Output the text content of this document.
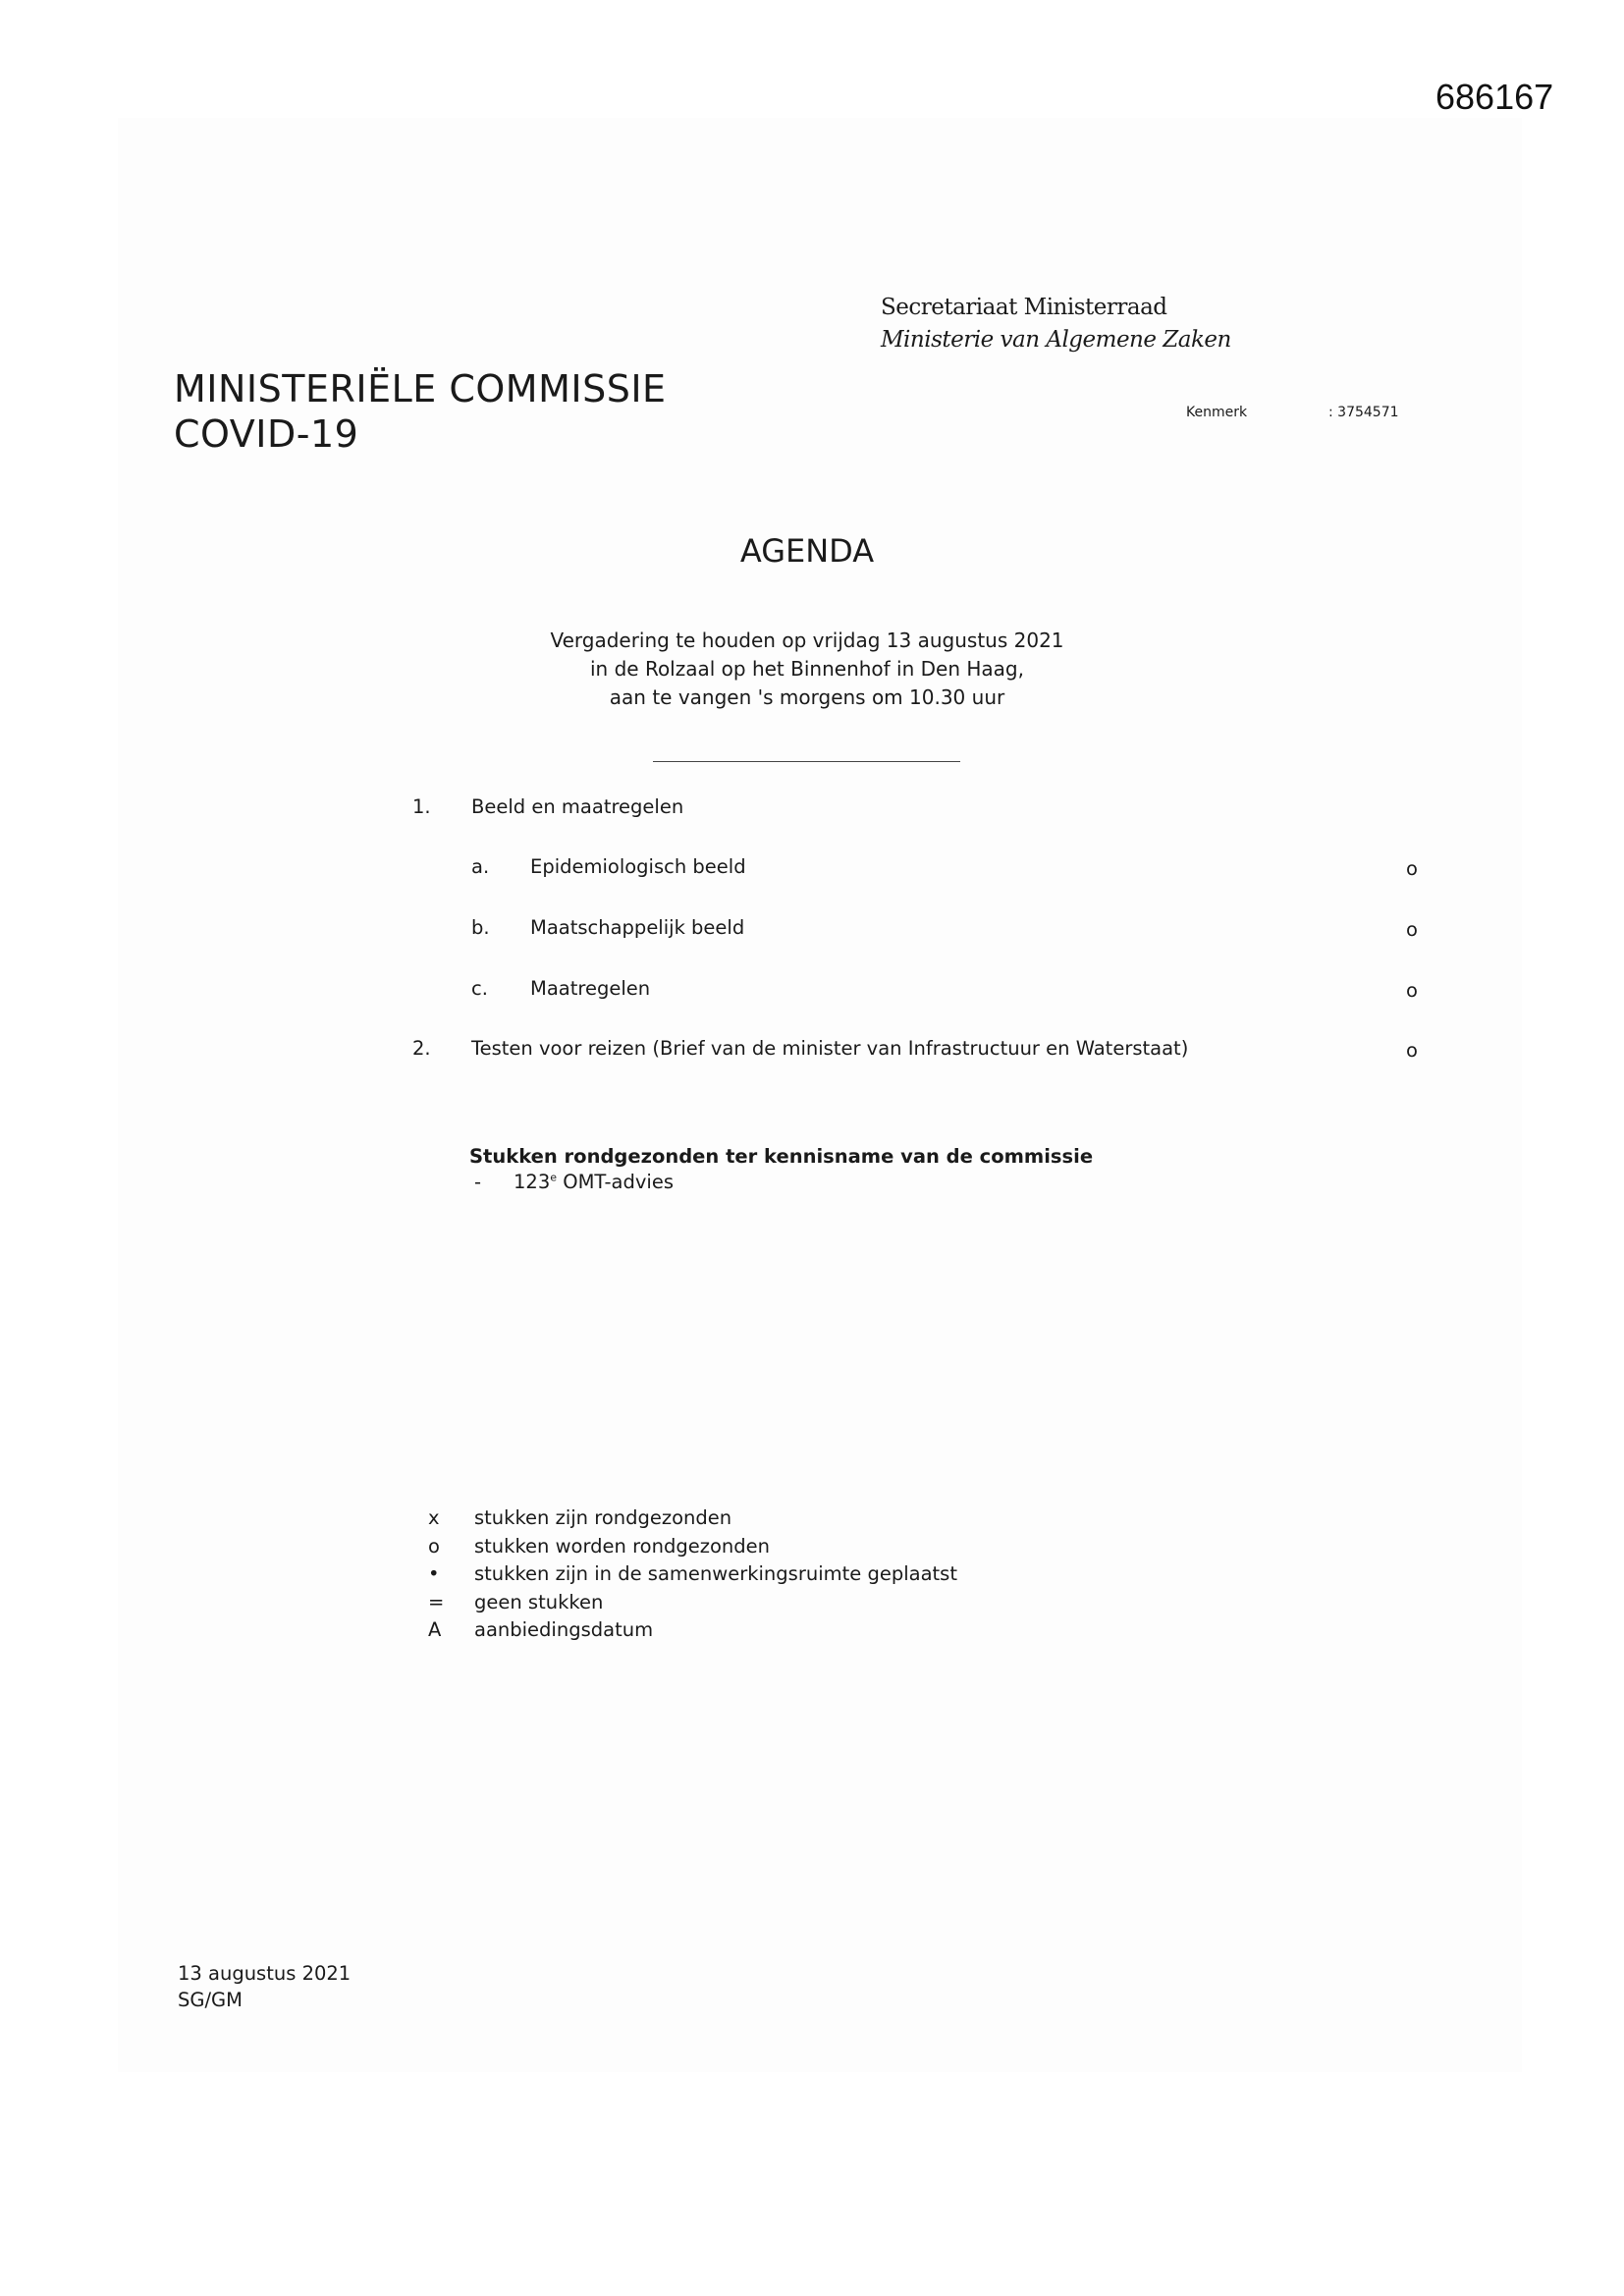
686167
Secretariaat Ministerraad
Ministerie van Algemene Zaken
MINISTERIËLE COMMISSIE
COVID-19	Kenmerk	: 3754571
AGENDA
Vergadering te houden op vrijdag 13 augustus 2021
in de Rolzaal op het Binnenhof in Den Haag,
aan te vangen 's morgens om 10.30 uur
1. Beeld en maatregelen
a. Epidemiologisch beeld	o
b. Maatschappelijk beeld	o
c. Maatregelen	o
2. Testen voor reizen (Brief van de minister van Infrastructuur en Waterstaat)	o
Stukken rondgezonden ter kennisname van de commissie
- 123e OMT-advies
x stukken zijn rondgezonden
o stukken worden rondgezonden
• stukken zijn in de samenwerkingsruimte geplaatst
= geen stukken
A aanbiedingsdatum
13 augustus 2021
SG/GM
